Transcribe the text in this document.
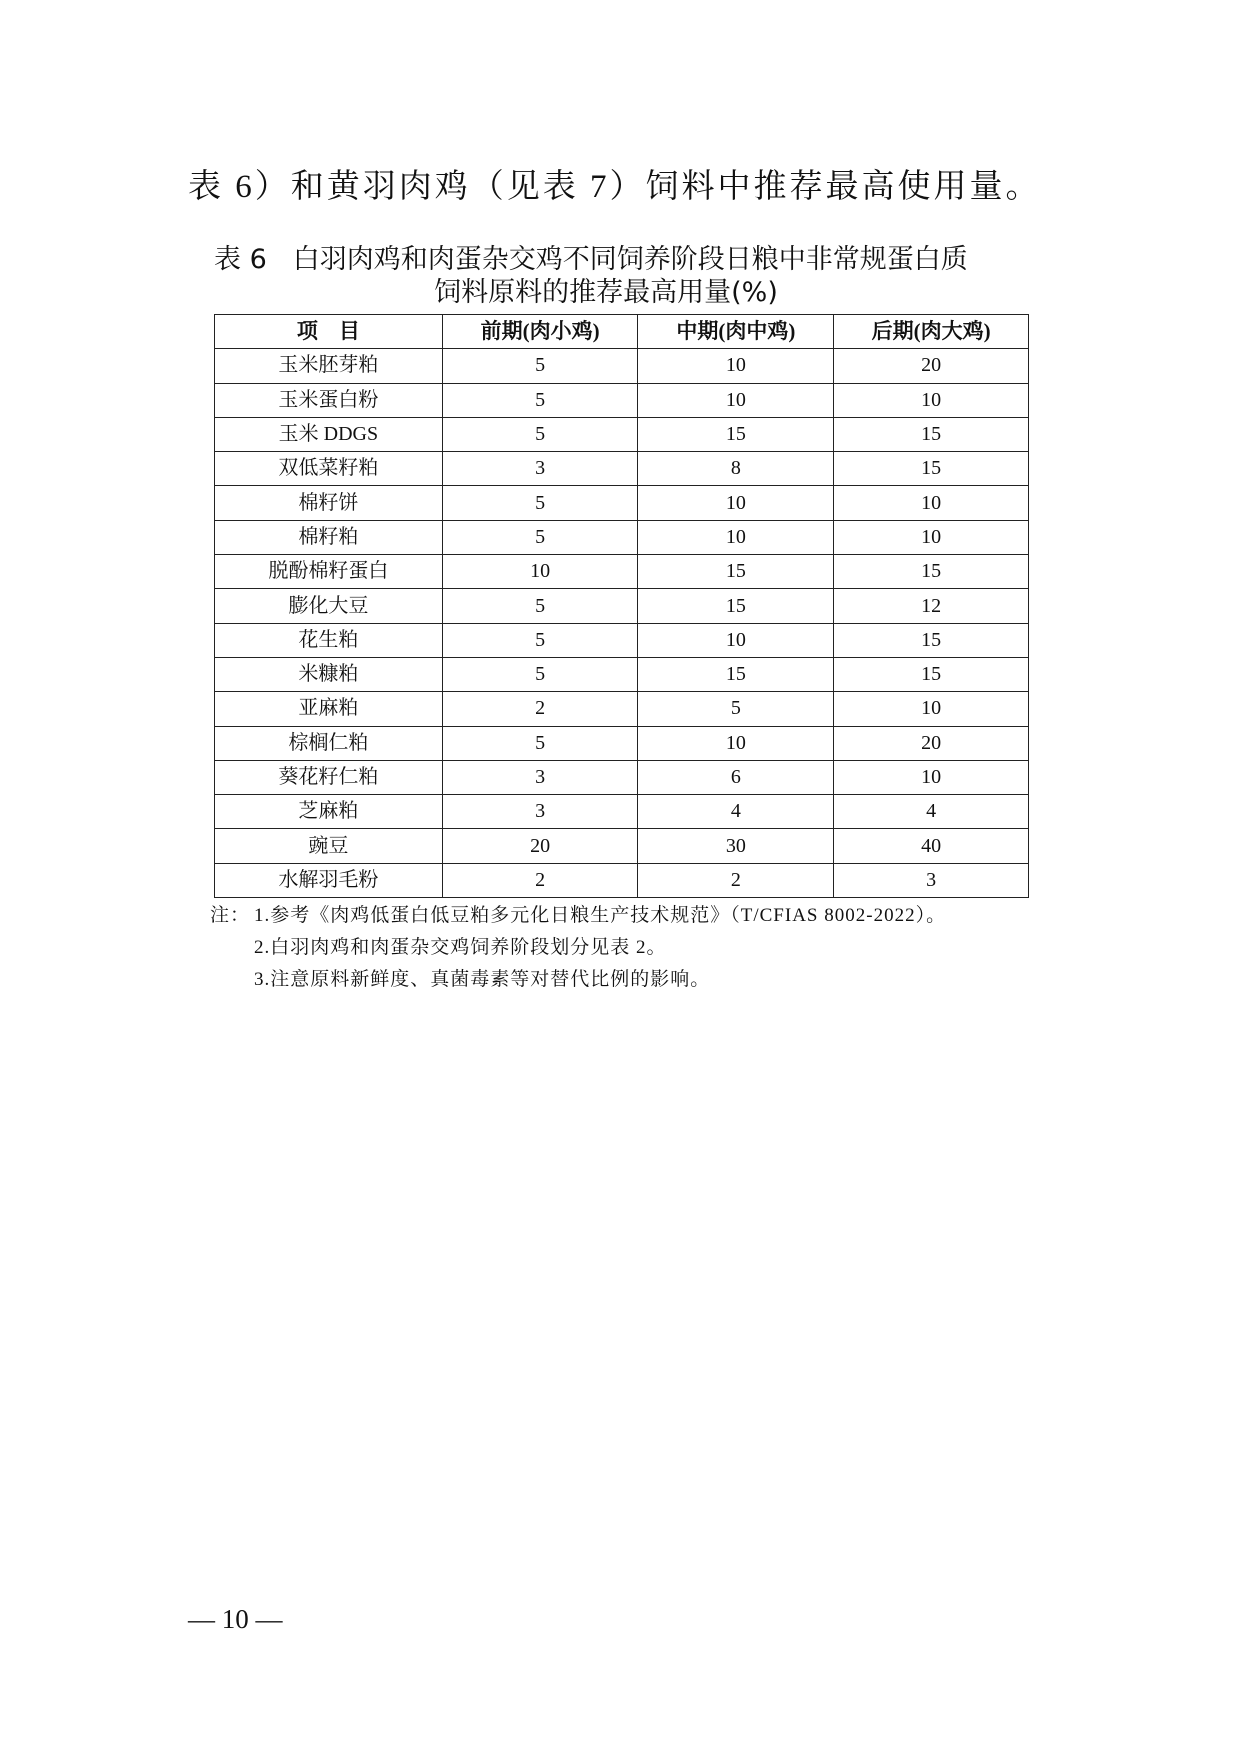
表 6）和黄羽肉鸡（见表 7）饲料中推荐最高使用量。

表 6 白羽肉鸡和肉蛋杂交鸡不同饲养阶段日粮中非常规蛋白质
饲料原料的推荐最高用量(%)
项　目	前期(肉小鸡)	中期(肉中鸡)	后期(肉大鸡)
玉米胚芽粕	5	10	20
玉米蛋白粉	5	10	10
玉米 DDGS	5	15	15
双低菜籽粕	3	8	15
棉籽饼	5	10	10
棉籽粕	5	10	10
脱酚棉籽蛋白	10	15	15
膨化大豆	5	15	12
花生粕	5	10	15
米糠粕	5	15	15
亚麻粕	2	5	10
棕榈仁粕	5	10	20
葵花籽仁粕	3	6	10
芝麻粕	3	4	4
豌豆	20	30	40
水解羽毛粉	2	2	3
注： 1.参考《肉鸡低蛋白低豆粕多元化日粮生产技术规范》（T/CFIAS 8002-2022）。
2.白羽肉鸡和肉蛋杂交鸡饲养阶段划分见表 2。
3.注意原料新鲜度、真菌毒素等对替代比例的影响。
— 10 —
